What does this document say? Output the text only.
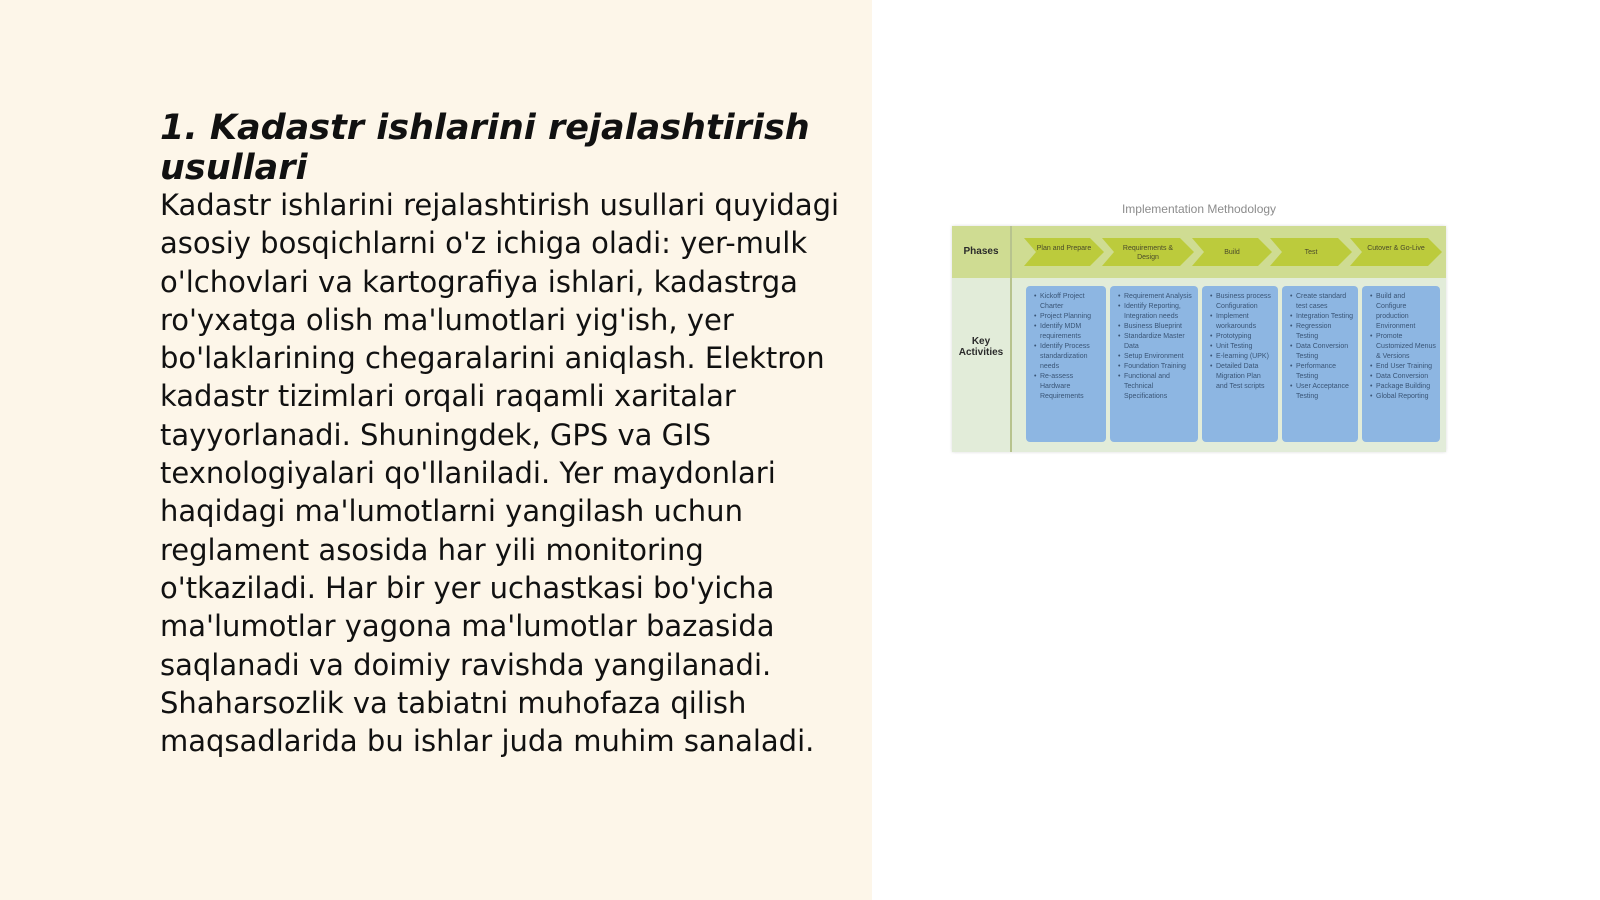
1. Kadastr ishlarini rejalashtirish usullari

Kadastr ishlarini rejalashtirish usullari quyidagi asosiy bosqichlarni o'z ichiga oladi: yer-mulk o'lchovlari va kartografiya ishlari, kadastrga ro'yxatga olish ma'lumotlari yig'ish, yer bo'laklarining chegaralarini aniqlash. Elektron kadastr tizimlari orqali raqamli xaritalar tayyorlanadi. Shuningdek, GPS va GIS texnologiyalari qo'llaniladi. Yer maydonlari haqidagi ma'lumotlarni yangilash uchun reglament asosida har yili monitoring o'tkaziladi. Har bir yer uchastkasi bo'yicha ma'lumotlar yagona ma'lumotlar bazasida saqlanadi va doimiy ravishda yangilanadi. Shaharsozlik va tabiatni muhofaza qilish maqsadlarida bu ishlar juda muhim sanaladi.

Implementation Methodology
Phases
Key Activities
Plan and Prepare	Requirements & Design
Build	Test
Cutover & Go-Live
• Kickoff Project Charter
• Project Planning
• Identify MDM requirements
• Identify Process standardization needs
• Re-assess Hardware Requirements
• Requirement Analysis
• Identify Reporting, Integration needs
• Business Blueprint
• Standardize Master Data
• Setup Environment
• Foundation Training
• Functional and Technical Specifications
• Business process Configuration
• Implement workarounds
• Prototyping
• Unit Testing
• E-learning (UPK)
• Detailed Data Migration Plan and Test scripts
• Create standard test cases
• Integration Testing
• Regression Testing
• Data Conversion Testing
• Performance Testing
• User Acceptance Testing
• Build and Configure production Environment
• Promote Customized Menus & Versions
• End User Training
• Data Conversion
• Package Building
• Global Reporting
